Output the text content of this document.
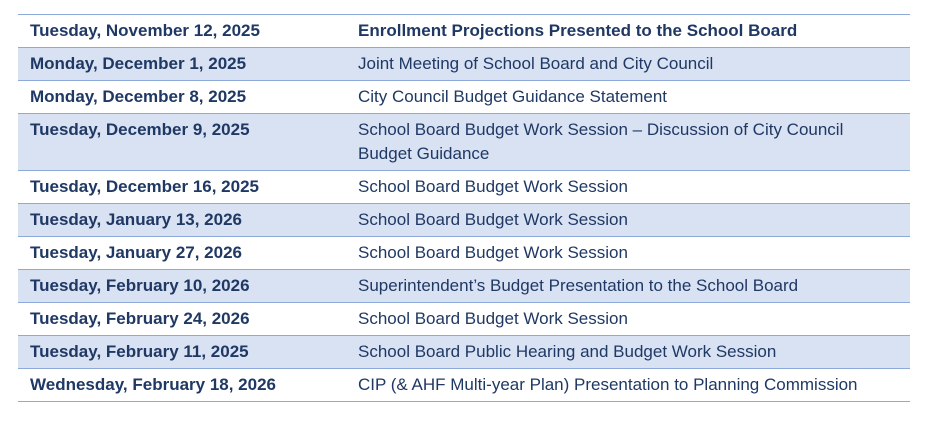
Tuesday, November 12, 2025	Enrollment Projections Presented to the School Board
Monday, December 1, 2025	Joint Meeting of School Board and City Council
Monday, December 8, 2025	City Council Budget Guidance Statement
Tuesday, December 9, 2025	School Board Budget Work Session – Discussion of City Council Budget Guidance
Tuesday, December 16, 2025	School Board Budget Work Session
Tuesday, January 13, 2026	School Board Budget Work Session
Tuesday, January 27, 2026	School Board Budget Work Session
Tuesday, February 10, 2026	Superintendent’s Budget Presentation to the School Board
Tuesday, February 24, 2026	School Board Budget Work Session
Tuesday, February 11, 2025	School Board Public Hearing and Budget Work Session
Wednesday, February 18, 2026	CIP (& AHF Multi-year Plan) Presentation to Planning Commission
